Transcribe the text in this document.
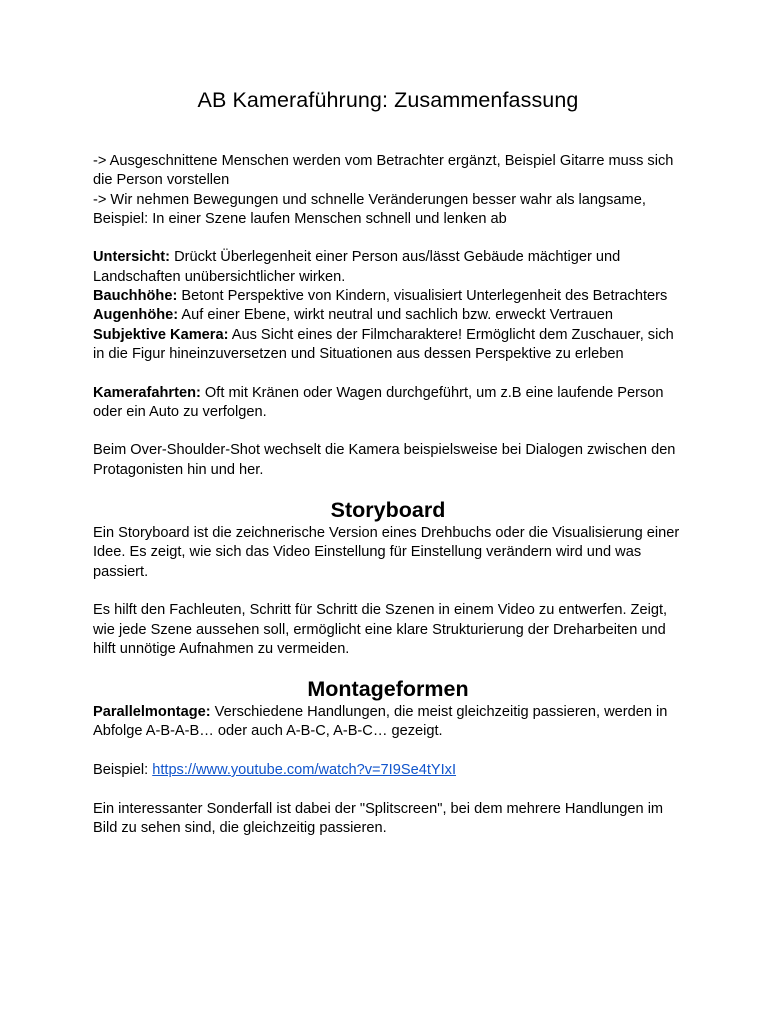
AB Kameraführung: Zusammenfassung

-> Ausgeschnittene Menschen werden vom Betrachter ergänzt, Beispiel Gitarre muss sich die Person vorstellen

-> Wir nehmen Bewegungen und schnelle Veränderungen besser wahr als langsame, Beispiel: In einer Szene laufen Menschen schnell und lenken ab

Untersicht: Drückt Überlegenheit einer Person aus/lässt Gebäude mächtiger und Landschaften unübersichtlicher wirken.

Bauchhöhe: Betont Perspektive von Kindern, visualisiert Unterlegenheit des Betrachters

Augenhöhe: Auf einer Ebene, wirkt neutral und sachlich bzw. erweckt Vertrauen

Subjektive Kamera: Aus Sicht eines der Filmcharaktere! Ermöglicht dem Zuschauer, sich in die Figur hineinzuversetzen und Situationen aus dessen Perspektive zu erleben

Kamerafahrten: Oft mit Kränen oder Wagen durchgeführt, um z.B eine laufende Person oder ein Auto zu verfolgen.

Beim Over-Shoulder-Shot wechselt die Kamera beispielsweise bei Dialogen zwischen den Protagonisten hin und her.

Storyboard

Ein Storyboard ist die zeichnerische Version eines Drehbuchs oder die Visualisierung einer Idee. Es zeigt, wie sich das Video Einstellung für Einstellung verändern wird und was passiert.

Es hilft den Fachleuten, Schritt für Schritt die Szenen in einem Video zu entwerfen. Zeigt, wie jede Szene aussehen soll, ermöglicht eine klare Strukturierung der Dreharbeiten und hilft unnötige Aufnahmen zu vermeiden.

Montageformen

Parallelmontage: Verschiedene Handlungen, die meist gleichzeitig passieren, werden in Abfolge A-B-A-B… oder auch A-B-C, A-B-C… gezeigt.

Beispiel: https://www.youtube.com/watch?v=7I9Se4tYIxI

Ein interessanter Sonderfall ist dabei der "Splitscreen", bei dem mehrere Handlungen im Bild zu sehen sind, die gleichzeitig passieren.
